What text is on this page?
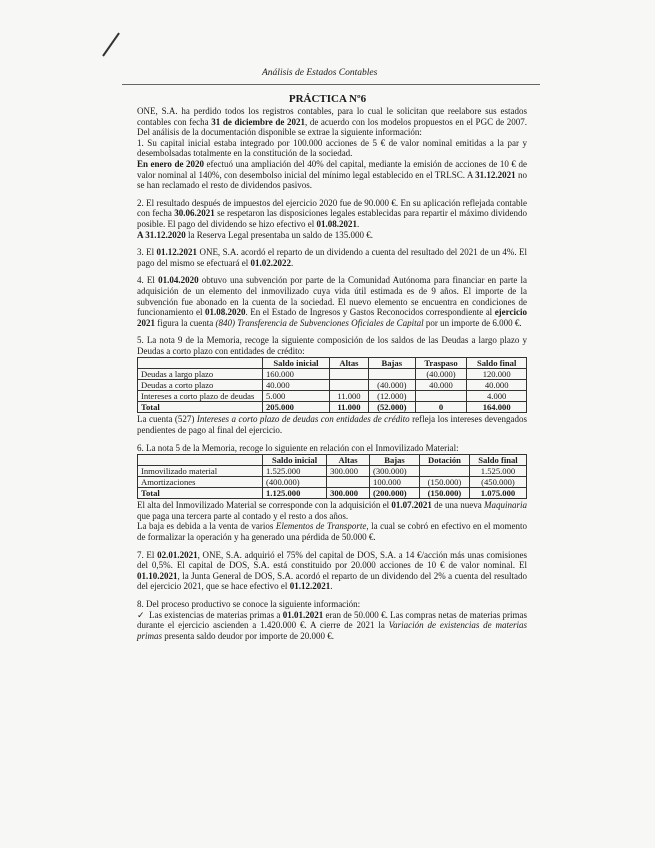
Análisis de Estados Contables
PRÁCTICA Nº6

ONE, S.A. ha perdido todos los registros contables, para lo cual le solicitan que reelabore sus estados contables con fecha 31 de diciembre de 2021, de acuerdo con los modelos propuestos en el PGC de 2007. Del análisis de la documentación disponible se extrae la siguiente información:

1. Su capital inicial estaba integrado por 100.000 acciones de 5 € de valor nominal emitidas a la par y desembolsadas totalmente en la constitución de la sociedad.

En enero de 2020 efectuó una ampliación del 40% del capital, mediante la emisión de acciones de 10 € de valor nominal al 140%, con desembolso inicial del mínimo legal establecido en el TRLSC. A 31.12.2021 no se han reclamado el resto de dividendos pasivos.

2. El resultado después de impuestos del ejercicio 2020 fue de 90.000 €. En su aplicación reflejada contable con fecha 30.06.2021 se respetaron las disposiciones legales establecidas para repartir el máximo dividendo posible. El pago del dividendo se hizo efectivo el 01.08.2021.
A 31.12.2020 la Reserva Legal presentaba un saldo de 135.000 €.

3. El 01.12.2021 ONE, S.A. acordó el reparto de un dividendo a cuenta del resultado del 2021 de un 4%. El pago del mismo se efectuará el 01.02.2022.

4. El 01.04.2020 obtuvo una subvención por parte de la Comunidad Autónoma para financiar en parte la adquisición de un elemento del inmovilizado cuya vida útil estimada es de 9 años. El importe de la subvención fue abonado en la cuenta de la sociedad. El nuevo elemento se encuentra en condiciones de funcionamiento el 01.08.2020. En el Estado de Ingresos y Gastos Reconocidos correspondiente al ejercicio 2021 figura la cuenta (840) Transferencia de Subvenciones Oficiales de Capital por un importe de 6.000 €.

5. La nota 9 de la Memoria, recoge la siguiente composición de los saldos de las Deudas a largo plazo y Deudas a corto plazo con entidades de crédito:

	Saldo inicial	Altas	Bajas	Traspaso	Saldo final
Deudas a largo plazo	160.000			(40.000)	120.000
Deudas a corto plazo	40.000		(40.000)	40.000	40.000
Intereses a corto plazo de deudas	5.000	11.000	(12.000)		4.000
Total	205.000	11.000	(52.000)	0	164.000

La cuenta (527) Intereses a corto plazo de deudas con entidades de crédito refleja los intereses devengados pendientes de pago al final del ejercicio.

6. La nota 5 de la Memoria, recoge lo siguiente en relación con el Inmovilizado Material:

	Saldo inicial	Altas	Bajas	Dotación	Saldo final
Inmovilizado material	1.525.000	300.000	(300.000)		1.525.000
Amortizaciones	(400.000)		100.000	(150.000)	(450.000)
Total	1.125.000	300.000	(200.000)	(150.000)	1.075.000

El alta del Inmovilizado Material se corresponde con la adquisición el 01.07.2021 de una nueva Maquinaria que paga una tercera parte al contado y el resto a dos años.

La baja es debida a la venta de varios Elementos de Transporte, la cual se cobró en efectivo en el momento de formalizar la operación y ha generado una pérdida de 50.000 €.

7. El 02.01.2021, ONE, S.A. adquirió el 75% del capital de DOS, S.A. a 14 €/acción más unas comisiones del 0,5%. El capital de DOS, S.A. está constituido por 20.000 acciones de 10 € de valor nominal. El 01.10.2021, la Junta General de DOS, S.A. acordó el reparto de un dividendo del 2% a cuenta del resultado del ejercicio 2021, que se hace efectivo el 01.12.2021.

8. Del proceso productivo se conoce la siguiente información:

✓ Las existencias de materias primas a 01.01.2021 eran de 50.000 €. Las compras netas de materias primas durante el ejercicio ascienden a 1.420.000 €. A cierre de 2021 la Variación de existencias de materias primas presenta saldo deudor por importe de 20.000 €.
